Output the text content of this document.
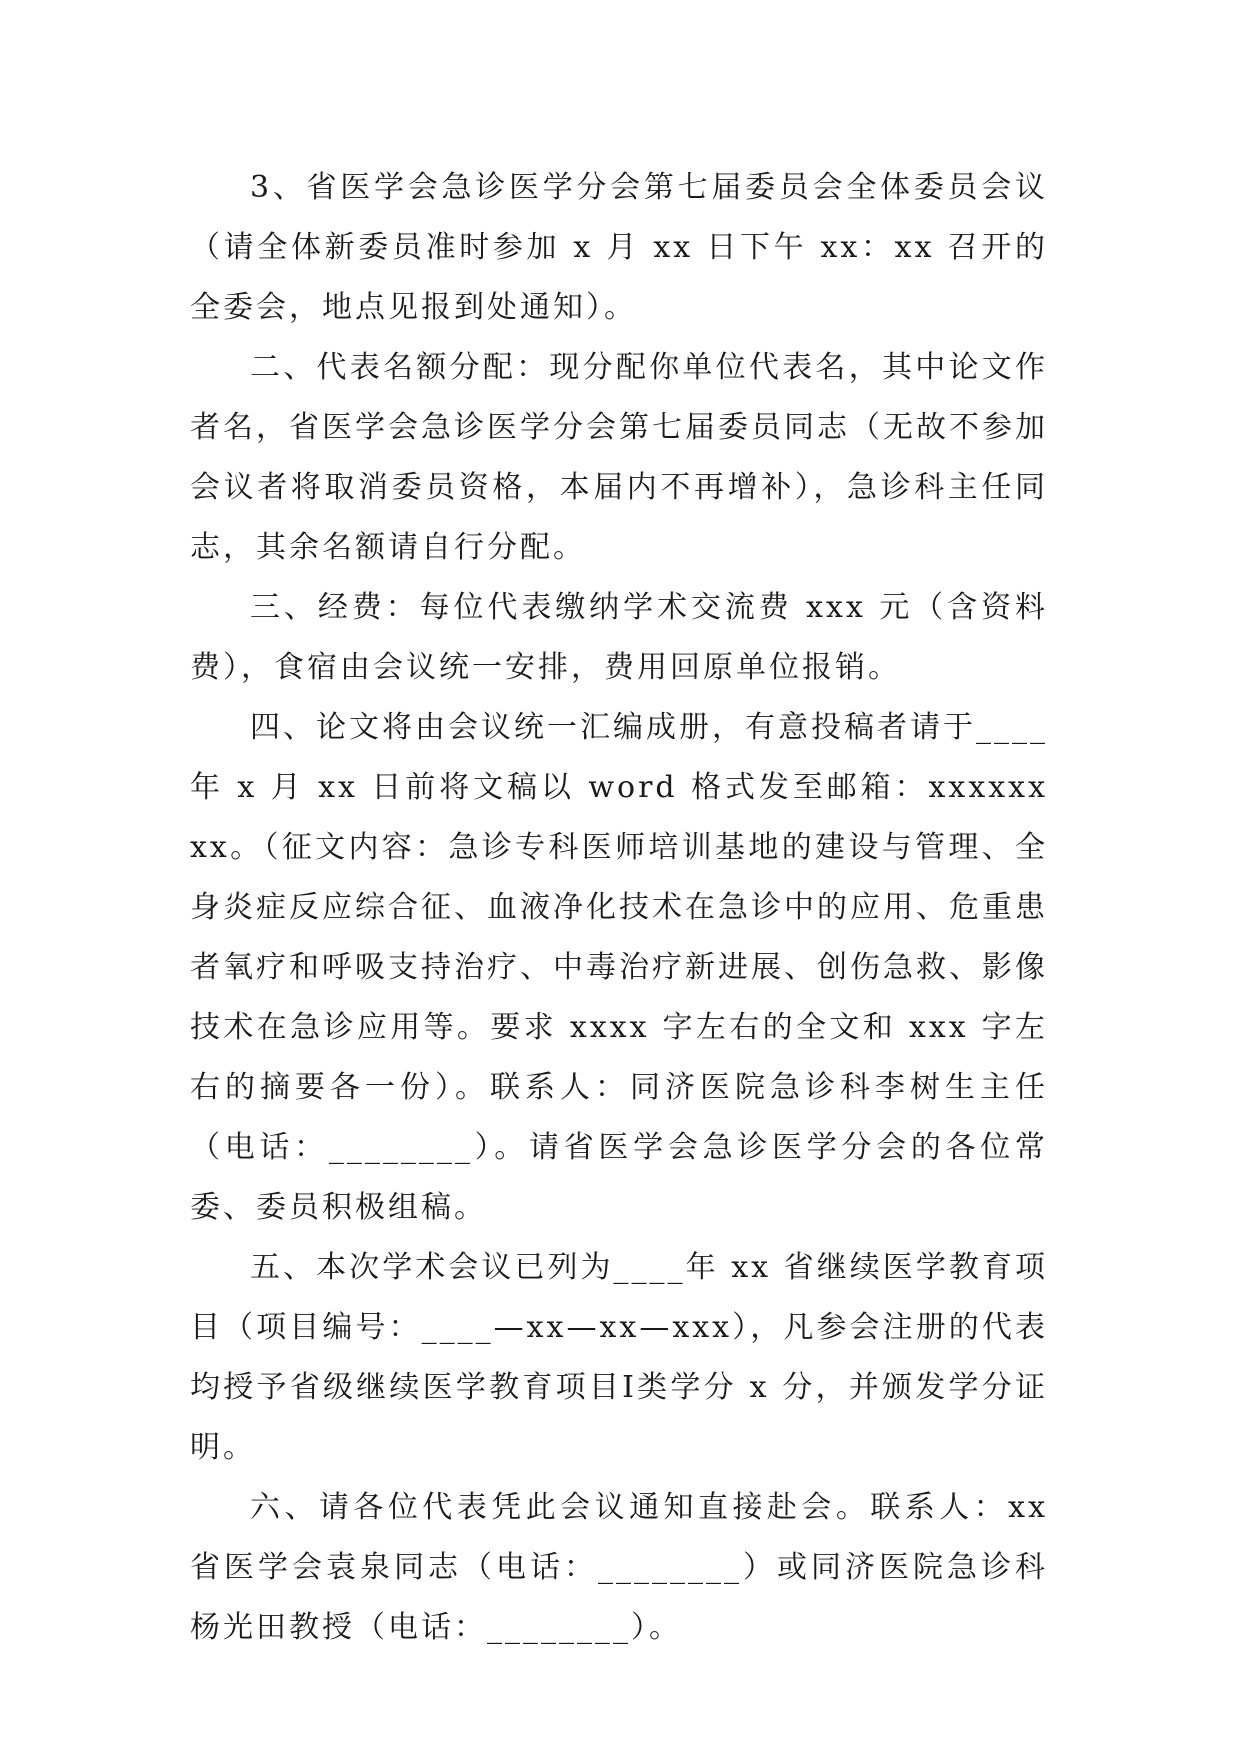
3、省医学会急诊医学分会第七届委员会全体委员会议（请全体新委员准时参加 x 月 xx 日下午 xx：xx 召开的全委会，地点见报到处通知）。

二、代表名额分配：现分配你单位代表名，其中论文作者名，省医学会急诊医学分会第七届委员同志（无故不参加会议者将取消委员资格，本届内不再增补），急诊科主任同志，其余名额请自行分配。

三、经费：每位代表缴纳学术交流费 xxx 元（含资料费），食宿由会议统一安排，费用回原单位报销。

四、论文将由会议统一汇编成册，有意投稿者请于____年 x 月 xx 日前将文稿以 word 格式发至邮箱：xxxxxxxx。（征文内容：急诊专科医师培训基地的建设与管理、全身炎症反应综合征、血液净化技术在急诊中的应用、危重患者氧疗和呼吸支持治疗、中毒治疗新进展、创伤急救、影像技术在急诊应用等。要求 xxxx 字左右的全文和 xxx 字左右的摘要各一份）。联系人：同济医院急诊科李树生主任（电话：________）。请省医学会急诊医学分会的各位常委、委员积极组稿。

五、本次学术会议已列为____年 xx 省继续医学教育项目（项目编号：____—xx—xx—xxx），凡参会注册的代表均授予省级继续医学教育项目Ⅰ类学分 x 分，并颁发学分证明。

六、请各位代表凭此会议通知直接赴会。联系人：xx 省医学会袁泉同志（电话：________）或同济医院急诊科杨光田教授（电话：________）。
